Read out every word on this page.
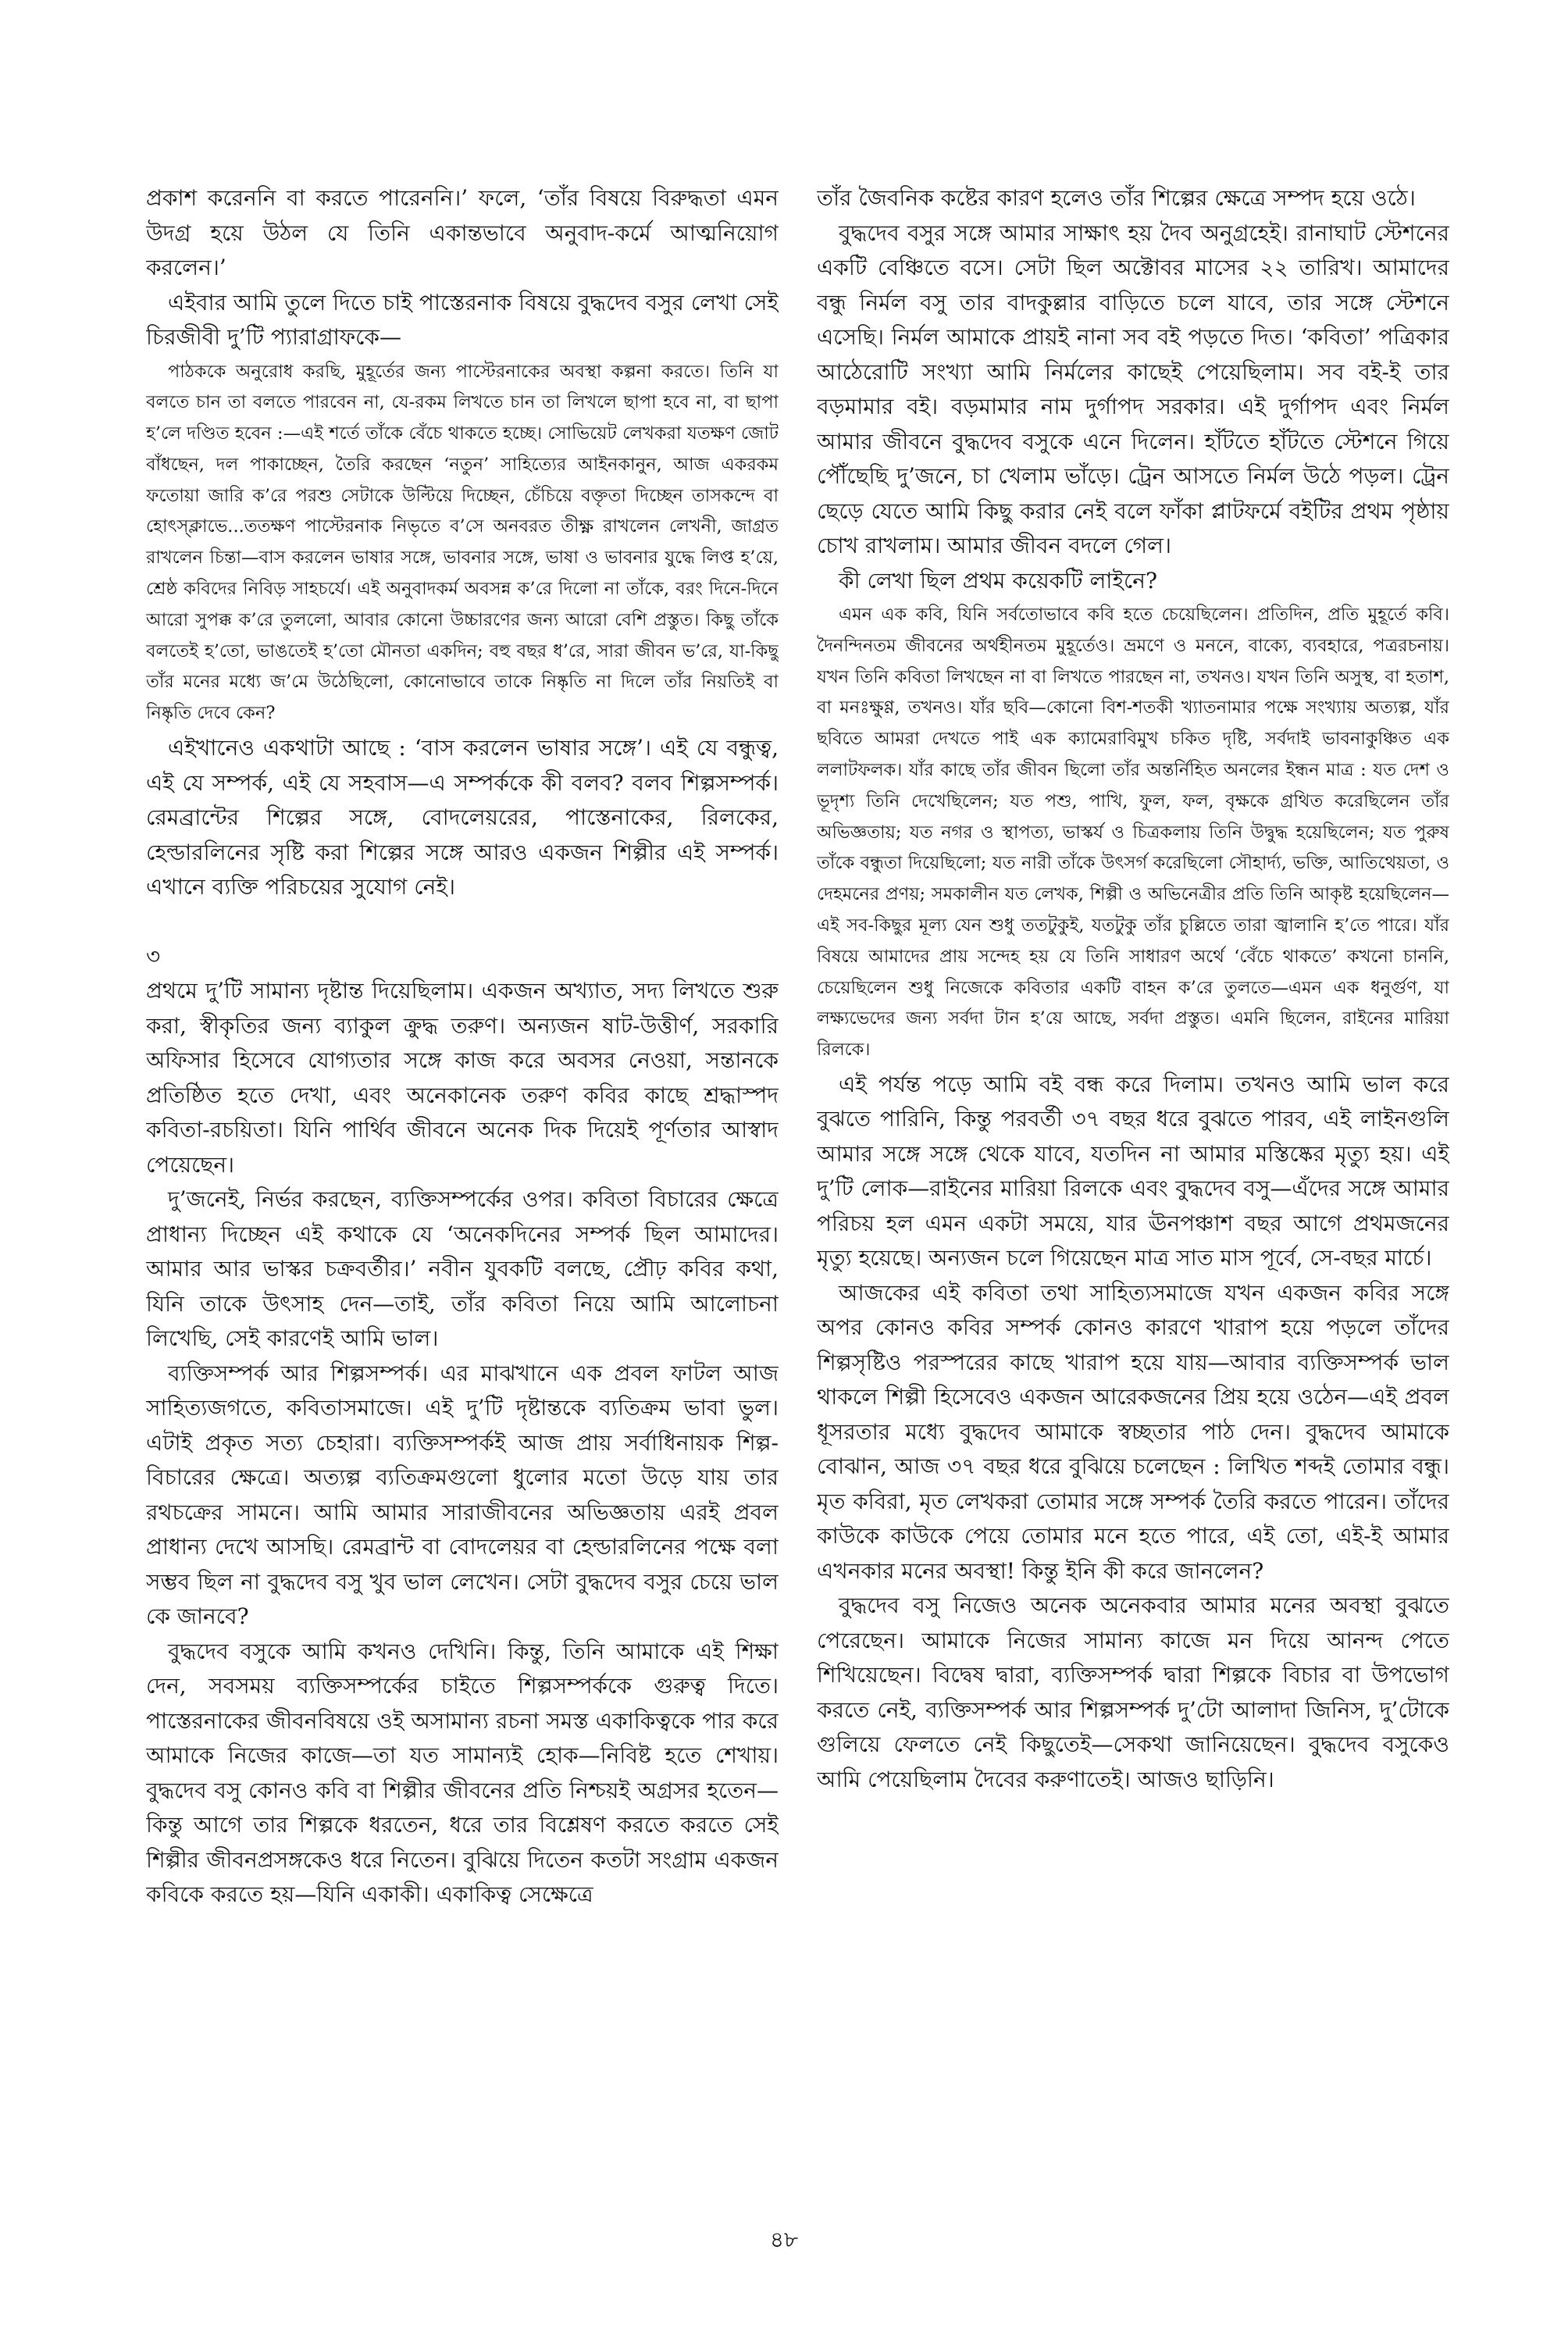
প্রকাশ করেননি বা করতে পারেননি।’ ফলে, ‘তাঁর বিষয়ে বিরুদ্ধতা এমন উদগ্র হয়ে উঠল যে তিনি একান্তভাবে অনুবাদ-কর্মে আত্মনিয়োগ করলেন।’

এইবার আমি তুলে দিতে চাই পাস্তেরনাক বিষয়ে বুদ্ধদেব বসুর লেখা সেই চিরজীবী দু’টি প্যারাগ্রাফকে—

পাঠককে অনুরোধ করছি, মুহূর্তের জন্য পাস্টেরনাকের অবস্থা কল্পনা করতে। তিনি যা বলতে চান তা বলতে পারবেন না, যে-রকম লিখতে চান তা লিখলে ছাপা হবে না, বা ছাপা হ’লে দণ্ডিত হবেন :—এই শর্তে তাঁকে বেঁচে থাকতে হচ্ছে। সোভিয়েট লেখকরা যতক্ষণ জোট বাঁধছেন, দল পাকাচ্ছেন, তৈরি করছেন ‘নতুন’ সাহিত্যের আইনকানুন, আজ একরকম ফতোয়া জারি ক’রে পরশু সেটাকে উল্টিয়ে দিচ্ছেন, চেঁচিয়ে বক্তৃতা দিচ্ছেন তাসকন্দে বা হোৎস্ক্লাভে...ততক্ষণ পাস্টেরনাক নিভৃতে ব’সে অনবরত তীক্ষ্ণ রাখলেন লেখনী, জাগ্রত রাখলেন চিন্তা—বাস করলেন ভাষার সঙ্গে, ভাবনার সঙ্গে, ভাষা ও ভাবনার যুদ্ধে লিপ্ত হ’য়ে, শ্রেষ্ঠ কবিদের নিবিড় সাহচর্যে। এই অনুবাদকর্ম অবসন্ন ক’রে দিলো না তাঁকে, বরং দিনে-দিনে আরো সুপক্ক ক’রে তুললো, আবার কোনো উচ্চারণের জন্য আরো বেশি প্রস্তুত। কিছু তাঁকে বলতেই হ’তো, ভাঙতেই হ’তো মৌনতা একদিন; বহু বছর ধ’রে, সারা জীবন ভ’রে, যা-কিছু তাঁর মনের মধ্যে জ’মে উঠেছিলো, কোনোভাবে তাকে নিষ্কৃতি না দিলে তাঁর নিয়তিই বা নিষ্কৃতি দেবে কেন?

এইখানেও একথাটা আছে : ‘বাস করলেন ভাষার সঙ্গে’। এই যে বন্ধুত্ব, এই যে সম্পর্ক, এই যে সহবাস—এ সম্পর্ককে কী বলব? বলব শিল্পসম্পর্ক। রেমব্রান্টের শিল্পের সঙ্গে, বোদলেয়রের, পাস্তেনাকের, রিলকের, হেল্ডারলিনের সৃষ্টি করা শিল্পের সঙ্গে আরও একজন শিল্পীর এই সম্পর্ক। এখানে ব্যক্তি পরিচয়ের সুযোগ নেই।

৩

প্রথমে দু’টি সামান্য দৃষ্টান্ত দিয়েছিলাম। একজন অখ্যাত, সদ্য লিখতে শুরু করা, স্বীকৃতির জন্য ব্যাকুল ক্রুদ্ধ তরুণ। অন্যজন ষাট-উত্তীর্ণ, সরকারি অফিসার হিসেবে যোগ্যতার সঙ্গে কাজ করে অবসর নেওয়া, সন্তানকে প্রতিষ্ঠিত হতে দেখা, এবং অনেকানেক তরুণ কবির কাছে শ্রদ্ধাস্পদ কবিতা-রচয়িতা। যিনি পার্থিব জীবনে অনেক দিক দিয়েই পূর্ণতার আস্বাদ পেয়েছেন।

দু’জনেই, নির্ভর করছেন, ব্যক্তিসম্পর্কের ওপর। কবিতা বিচারের ক্ষেত্রে প্রাধান্য দিচ্ছেন এই কথাকে যে ‘অনেকদিনের সম্পর্ক ছিল আমাদের। আমার আর ভাস্কর চক্রবর্তীর।’ নবীন যুবকটি বলছে, প্রৌঢ় কবির কথা, যিনি তাকে উৎসাহ দেন—তাই, তাঁর কবিতা নিয়ে আমি আলোচনা লিখেছি, সেই কারণেই আমি ভাল।

ব্যক্তিসম্পর্ক আর শিল্পসম্পর্ক। এর মাঝখানে এক প্রবল ফাটল আজ সাহিত্যজগতে, কবিতাসমাজে। এই দু’টি দৃষ্টান্তকে ব্যতিক্রম ভাবা ভুল। এটাই প্রকৃত সত্য চেহারা। ব্যক্তিসম্পর্কই আজ প্রায় সর্বাধিনায়ক শিল্প-বিচারের ক্ষেত্রে। অত্যল্প ব্যতিক্রমগুলো ধুলোর মতো উড়ে যায় তার রথচক্রের সামনে। আমি আমার সারাজীবনের অভিজ্ঞতায় এরই প্রবল প্রাধান্য দেখে আসছি। রেমব্রান্ট বা বোদলেয়র বা হেল্ডারলিনের পক্ষে বলা সম্ভব ছিল না বুদ্ধদেব বসু খুব ভাল লেখেন। সেটা বুদ্ধদেব বসুর চেয়ে ভাল কে জানবে?

বুদ্ধদেব বসুকে আমি কখনও দেখিনি। কিন্তু, তিনি আমাকে এই শিক্ষা দেন, সবসময় ব্যক্তিসম্পর্কের চাইতে শিল্পসম্পর্ককে গুরুত্ব দিতে। পাস্তেরনাকের জীবনবিষয়ে ওই অসামান্য রচনা সমস্ত একাকিত্বকে পার করে আমাকে নিজের কাজে—তা যত সামান্যই হোক—নিবিষ্ট হতে শেখায়। বুদ্ধদেব বসু কোনও কবি বা শিল্পীর জীবনের প্রতি নিশ্চয়ই অগ্রসর হতেন—কিন্তু আগে তার শিল্পকে ধরতেন, ধরে তার বিশ্লেষণ করতে করতে সেই শিল্পীর জীবনপ্রসঙ্গকেও ধরে নিতেন। বুঝিয়ে দিতেন কতটা সংগ্রাম একজন কবিকে করতে হয়—যিনি একাকী। একাকিত্ব সেক্ষেত্রে

তাঁর জৈবনিক কষ্টের কারণ হলেও তাঁর শিল্পের ক্ষেত্রে সম্পদ হয়ে ওঠে।

বুদ্ধদেব বসুর সঙ্গে আমার সাক্ষাৎ হয় দৈব অনুগ্রহেই। রানাঘাট স্টেশনের একটি বেঞ্চিতে বসে। সেটা ছিল অক্টোবর মাসের ২২ তারিখ। আমাদের বন্ধু নির্মল বসু তার বাদকুল্লার বাড়িতে চলে যাবে, তার সঙ্গে স্টেশনে এসেছি। নির্মল আমাকে প্রায়ই নানা সব বই পড়তে দিত। ‘কবিতা’ পত্রিকার আঠেরোটি সংখ্যা আমি নির্মলের কাছেই পেয়েছিলাম। সব বই-ই তার বড়মামার বই। বড়মামার নাম দুর্গাপদ সরকার। এই দুর্গাপদ এবং নির্মল আমার জীবনে বুদ্ধদেব বসুকে এনে দিলেন। হাঁটতে হাঁটতে স্টেশনে গিয়ে পৌঁছেছি দু’জনে, চা খেলাম ভাঁড়ে। ট্রেন আসতে নির্মল উঠে পড়ল। ট্রেন ছেড়ে যেতে আমি কিছু করার নেই বলে ফাঁকা প্লাটফর্মে বইটির প্রথম পৃষ্ঠায় চোখ রাখলাম। আমার জীবন বদলে গেল।

কী লেখা ছিল প্রথম কয়েকটি লাইনে?

এমন এক কবি, যিনি সর্বতোভাবে কবি হতে চেয়েছিলেন। প্রতিদিন, প্রতি মুহূর্তে কবি। দৈনন্দিনতম জীবনের অর্থহীনতম মুহূর্তেও। ভ্রমণে ও মননে, বাক্যে, ব্যবহারে, পত্ররচনায়। যখন তিনি কবিতা লিখছেন না বা লিখতে পারছেন না, তখনও। যখন তিনি অসুস্থ, বা হতাশ, বা মনঃক্ষুণ্ণ, তখনও। যাঁর ছবি—কোনো বিশ-শতকী খ্যাতনামার পক্ষে সংখ্যায় অত্যল্প, যাঁর ছবিতে আমরা দেখতে পাই এক ক্যামেরাবিমুখ চকিত দৃষ্টি, সর্বদাই ভাবনাকুঞ্চিত এক ললাটফলক। যাঁর কাছে তাঁর জীবন ছিলো তাঁর অন্তর্নিহিত অনলের ইন্ধন মাত্র : যত দেশ ও ভূদৃশ্য তিনি দেখেছিলেন; যত পশু, পাখি, ফুল, ফল, বৃক্ষকে গ্রথিত করেছিলেন তাঁর অভিজ্ঞতায়; যত নগর ও স্থাপত্য, ভাস্কর্য ও চিত্রকলায় তিনি উদ্বুদ্ধ হয়েছিলেন; যত পুরুষ তাঁকে বন্ধুতা দিয়েছিলো; যত নারী তাঁকে উৎসর্গ করেছিলো সৌহার্দ্য, ভক্তি, আতিথেয়তা, ও দেহমনের প্রণয়; সমকালীন যত লেখক, শিল্পী ও অভিনেত্রীর প্রতি তিনি আকৃষ্ট হয়েছিলেন—এই সব-কিছুর মূল্য যেন শুধু ততটুকুই, যতটুকু তাঁর চুল্লিতে তারা জ্বালানি হ’তে পারে। যাঁর বিষয়ে আমাদের প্রায় সন্দেহ হয় যে তিনি সাধারণ অর্থে ‘বেঁচে থাকতে’ কখনো চাননি, চেয়েছিলেন শুধু নিজেকে কবিতার একটি বাহন ক’রে তুলতে—এমন এক ধনুর্গুণ, যা লক্ষ্যভেদের জন্য সর্বদা টান হ’য়ে আছে, সর্বদা প্রস্তুত। এমনি ছিলেন, রাইনের মারিয়া রিলকে।

এই পর্যন্ত পড়ে আমি বই বন্ধ করে দিলাম। তখনও আমি ভাল করে বুঝতে পারিনি, কিন্তু পরবর্তী ৩৭ বছর ধরে বুঝতে পারব, এই লাইনগুলি আমার সঙ্গে সঙ্গে থেকে যাবে, যতদিন না আমার মস্তিষ্কের মৃত্যু হয়। এই দু’টি লোক—রাইনের মারিয়া রিলকে এবং বুদ্ধদেব বসু—এঁদের সঙ্গে আমার পরিচয় হল এমন একটা সময়ে, যার ঊনপঞ্চাশ বছর আগে প্রথমজনের মৃত্যু হয়েছে। অন্যজন চলে গিয়েছেন মাত্র সাত মাস পূর্বে, সে-বছর মার্চে।

আজকের এই কবিতা তথা সাহিত্যসমাজে যখন একজন কবির সঙ্গে অপর কোনও কবির সম্পর্ক কোনও কারণে খারাপ হয়ে পড়লে তাঁদের শিল্পসৃষ্টিও পরস্পরের কাছে খারাপ হয়ে যায়—আবার ব্যক্তিসম্পর্ক ভাল থাকলে শিল্পী হিসেবেও একজন আরেকজনের প্রিয় হয়ে ওঠেন—এই প্রবল ধূসরতার মধ্যে বুদ্ধদেব আমাকে স্বচ্ছতার পাঠ দেন। বুদ্ধদেব আমাকে বোঝান, আজ ৩৭ বছর ধরে বুঝিয়ে চলেছেন : লিখিত শব্দই তোমার বন্ধু। মৃত কবিরা, মৃত লেখকরা তোমার সঙ্গে সম্পর্ক তৈরি করতে পারেন। তাঁদের কাউকে কাউকে পেয়ে তোমার মনে হতে পারে, এই তো, এই-ই আমার এখনকার মনের অবস্থা! কিন্তু ইনি কী করে জানলেন?

বুদ্ধদেব বসু নিজেও অনেক অনেকবার আমার মনের অবস্থা বুঝতে পেরেছেন। আমাকে নিজের সামান্য কাজে মন দিয়ে আনন্দ পেতে শিখিয়েছেন। বিদ্বেষ দ্বারা, ব্যক্তিসম্পর্ক দ্বারা শিল্পকে বিচার বা উপভোগ করতে নেই, ব্যক্তিসম্পর্ক আর শিল্পসম্পর্ক দু’টো আলাদা জিনিস, দু’টোকে গুলিয়ে ফেলতে নেই কিছুতেই—সেকথা জানিয়েছেন। বুদ্ধদেব বসুকেও আমি পেয়েছিলাম দৈবের করুণাতেই। আজও ছাড়িনি।

৪৮
